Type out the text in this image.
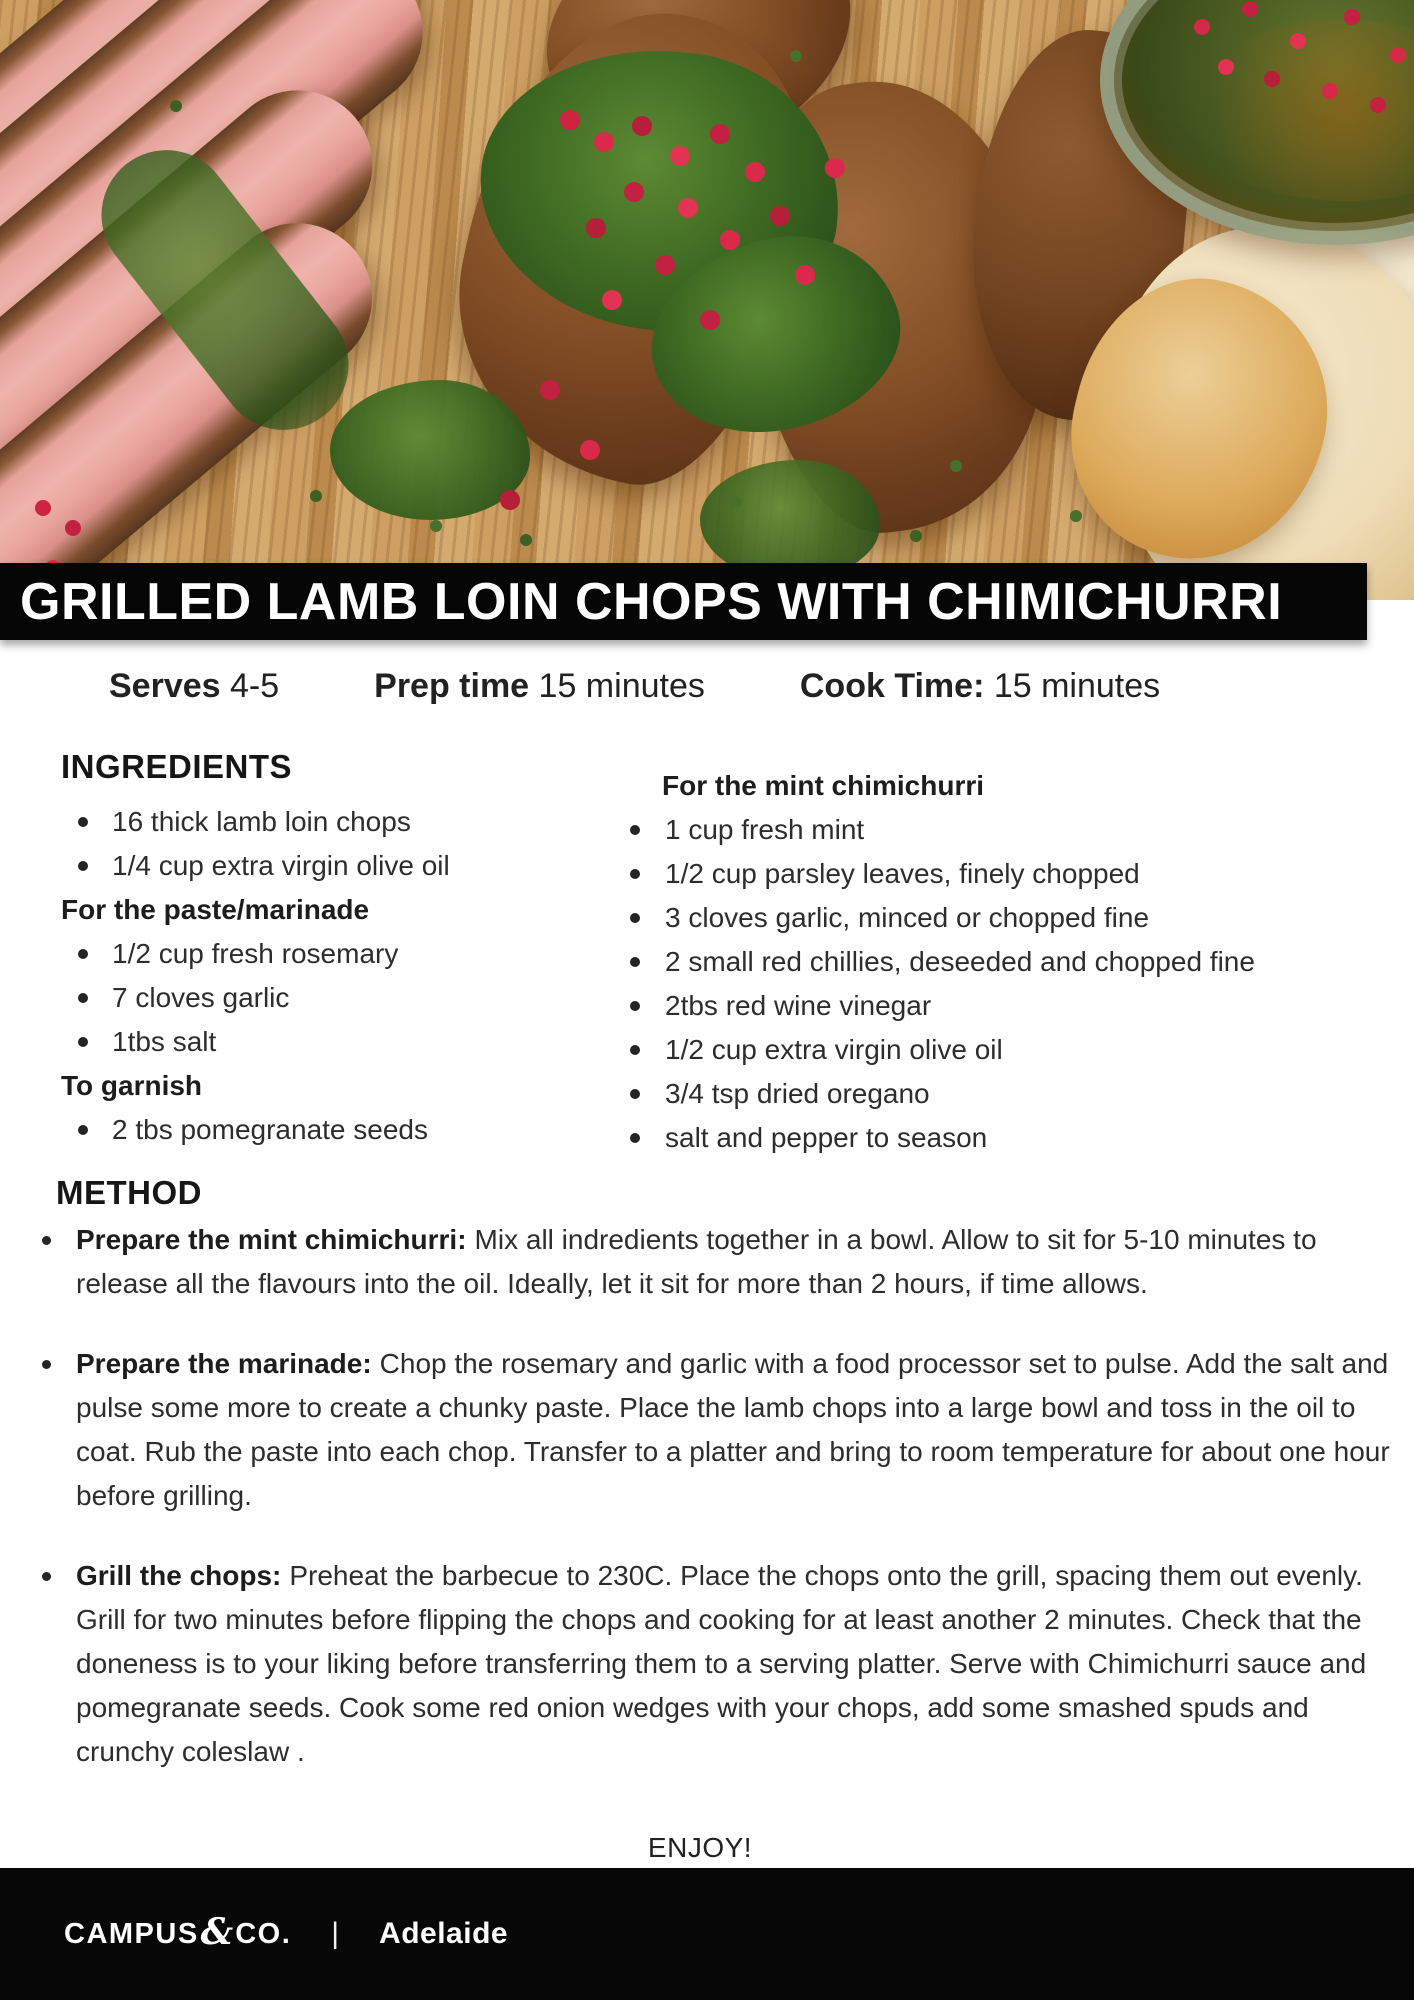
GRILLED LAMB LOIN CHOPS WITH CHIMICHURRI
Serves 4-5	Prep time 15 minutes	Cook Time: 15 minutes
INGREDIENTS
16 thick lamb loin chops
1/4 cup extra virgin olive oil
For the paste/marinade
1/2 cup fresh rosemary
7 cloves garlic
1tbs salt
To garnish
2 tbs pomegranate seeds
For the mint chimichurri
1 cup fresh mint
1/2 cup parsley leaves, finely chopped
3 cloves garlic, minced or chopped fine
2 small red chillies, deseeded and chopped fine
2tbs red wine vinegar
1/2 cup extra virgin olive oil
3/4 tsp dried oregano
salt and pepper to season
METHOD
Prepare the mint chimichurri: Mix all indredients together in a bowl. Allow to sit for 5-10 minutes to release all the flavours into the oil. Ideally, let it sit for more than 2 hours, if time allows.
Prepare the marinade: Chop the rosemary and garlic with a food processor set to pulse. Add the salt and pulse some more to create a chunky paste. Place the lamb chops into a large bowl and toss in the oil to coat. Rub the paste into each chop. Transfer to a platter and bring to room temperature for about one hour before grilling.
Grill the chops: Preheat the barbecue to 230C. Place the chops onto the grill, spacing them out evenly. Grill for two minutes before flipping the chops and cooking for at least another 2 minutes. Check that the doneness is to your liking before transferring them to a serving platter. Serve with Chimichurri sauce and pomegranate seeds. Cook some red onion wedges with your chops, add some smashed spuds and crunchy coleslaw .
ENJOY!
CAMPUS & CO. | Adelaide
